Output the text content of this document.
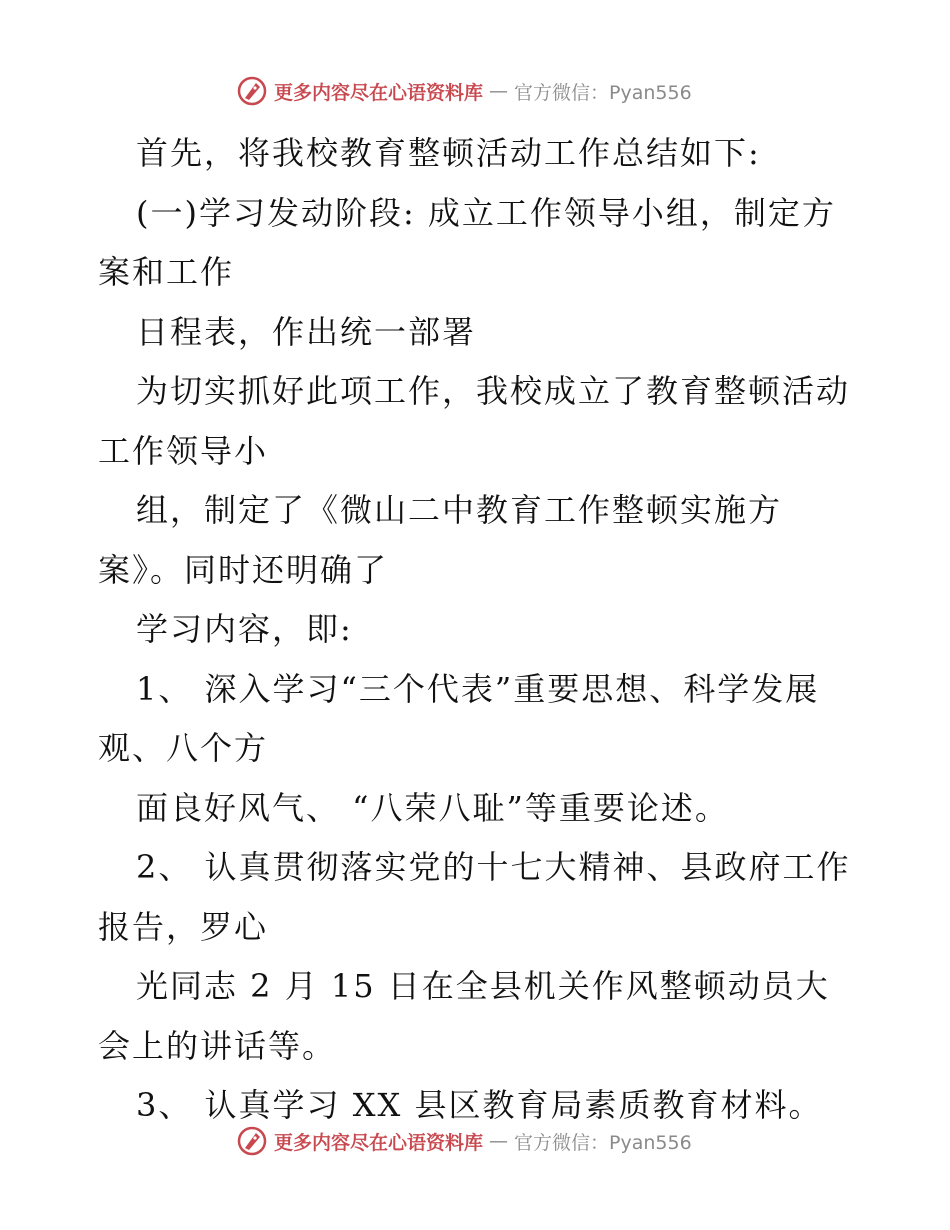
更多内容尽在心语资料库 — 官方微信：Pyan556
首先，将我校教育整顿活动工作总结如下:
(一)学习发动阶段: 成立工作领导小组，制定方
案和工作
日程表，作出统一部署
为切实抓好此项工作，我校成立了教育整顿活动
工作领导小
组，制定了《微山二中教育工作整顿实施方
案》。同时还明确了
学习内容，即:
1、 深入学习“三个代表”重要思想、科学发展
观、八个方
面良好风气、 “八荣八耻”等重要论述。
2、 认真贯彻落实党的十七大精神、县政府工作
报告，罗心
光同志 2 月 15 日在全县机关作风整顿动员大
会上的讲话等。
3、 认真学习 XX 县区教育局素质教育材料。
更多内容尽在心语资料库 — 官方微信：Pyan556
